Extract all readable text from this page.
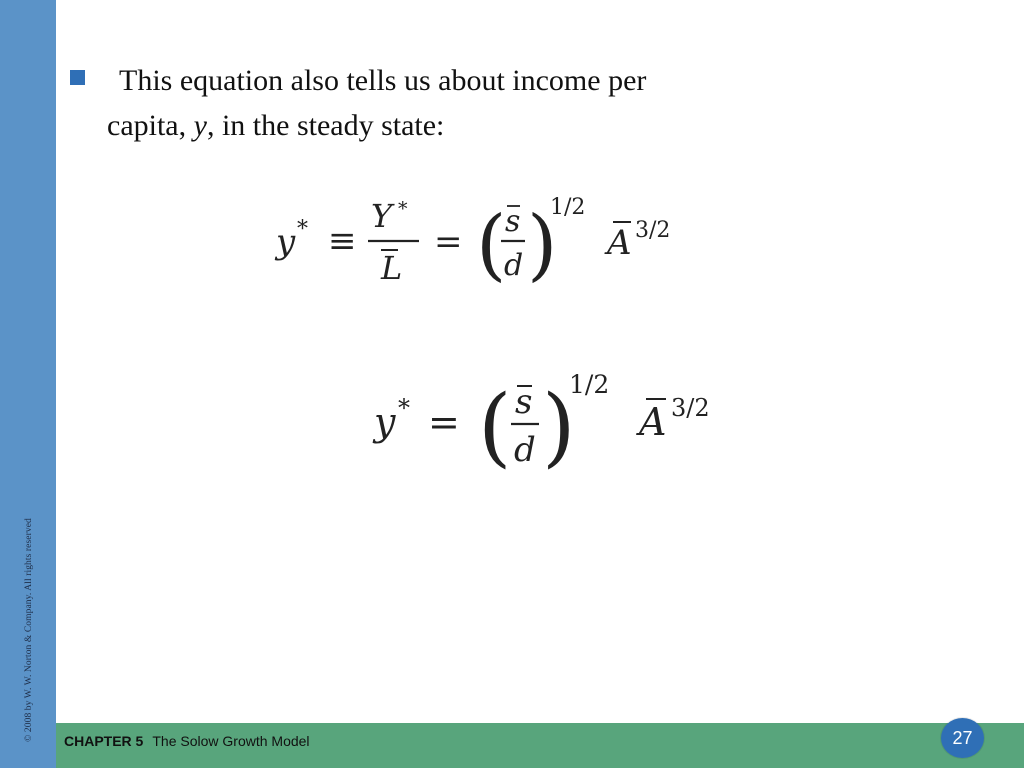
© 2008 by W. W. Norton & Company. All rights reserved
This equation also tells us about income per
capita, y, in the steady state:
y * ≡
Y *
L
= (
s
d )
1/2
A 3/2
y * = ( s
d )
1/2
A 3/2
CHAPTER 5 The Solow Growth Model	27
